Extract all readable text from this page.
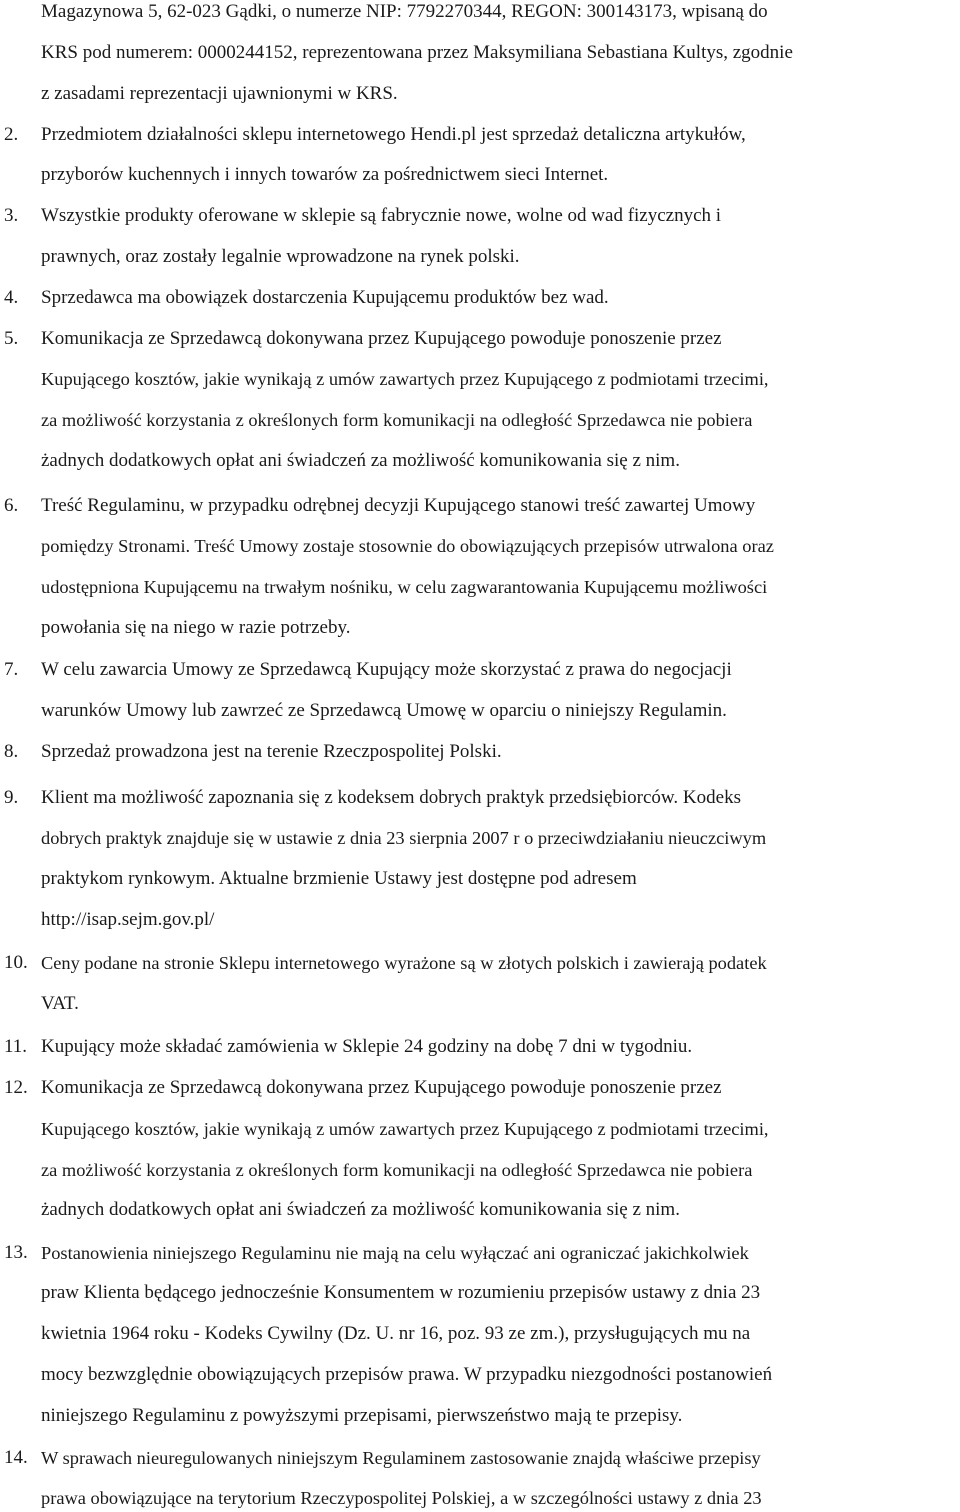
Magazynowa 5, 62-023 Gądki, o numerze NIP: 7792270344, REGON: 300143173, wpisaną do
KRS pod numerem: 0000244152, reprezentowana przez Maksymiliana Sebastiana Kultys, zgodnie
z zasadami reprezentacji ujawnionymi w KRS.
2. Przedmiotem działalności sklepu internetowego Hendi.pl jest sprzedaż detaliczna artykułów,
przyborów kuchennych i innych towarów za pośrednictwem sieci Internet.
3. Wszystkie produkty oferowane w sklepie są fabrycznie nowe, wolne od wad fizycznych i
prawnych, oraz zostały legalnie wprowadzone na rynek polski.
4. Sprzedawca ma obowiązek dostarczenia Kupującemu produktów bez wad.
5. Komunikacja ze Sprzedawcą dokonywana przez Kupującego powoduje ponoszenie przez
Kupującego kosztów, jakie wynikają z umów zawartych przez Kupującego z podmiotami trzecimi,
za możliwość korzystania z określonych form komunikacji na odległość Sprzedawca nie pobiera
żadnych dodatkowych opłat ani świadczeń za możliwość komunikowania się z nim.
6. Treść Regulaminu, w przypadku odrębnej decyzji Kupującego stanowi treść zawartej Umowy
pomiędzy Stronami. Treść Umowy zostaje stosownie do obowiązujących przepisów utrwalona oraz
udostępniona Kupującemu na trwałym nośniku, w celu zagwarantowania Kupującemu możliwości
powołania się na niego w razie potrzeby.
7. W celu zawarcia Umowy ze Sprzedawcą Kupujący może skorzystać z prawa do negocjacji
warunków Umowy lub zawrzeć ze Sprzedawcą Umowę w oparciu o niniejszy Regulamin.
8. Sprzedaż prowadzona jest na terenie Rzeczpospolitej Polski.
9. Klient ma możliwość zapoznania się z kodeksem dobrych praktyk przedsiębiorców. Kodeks
dobrych praktyk znajduje się w ustawie z dnia 23 sierpnia 2007 r o przeciwdziałaniu nieuczciwym
praktykom rynkowym. Aktualne brzmienie Ustawy jest dostępne pod adresem
http://isap.sejm.gov.pl/
10. Ceny podane na stronie Sklepu internetowego wyrażone są w złotych polskich i zawierają podatek
VAT.
11. Kupujący może składać zamówienia w Sklepie 24 godziny na dobę 7 dni w tygodniu.
12. Komunikacja ze Sprzedawcą dokonywana przez Kupującego powoduje ponoszenie przez
Kupującego kosztów, jakie wynikają z umów zawartych przez Kupującego z podmiotami trzecimi,
za możliwość korzystania z określonych form komunikacji na odległość Sprzedawca nie pobiera
żadnych dodatkowych opłat ani świadczeń za możliwość komunikowania się z nim.
13. Postanowienia niniejszego Regulaminu nie mają na celu wyłączać ani ograniczać jakichkolwiek
praw Klienta będącego jednocześnie Konsumentem w rozumieniu przepisów ustawy z dnia 23
kwietnia 1964 roku - Kodeks Cywilny (Dz. U. nr 16, poz. 93 ze zm.), przysługujących mu na
mocy bezwzględnie obowiązujących przepisów prawa. W przypadku niezgodności postanowień
niniejszego Regulaminu z powyższymi przepisami, pierwszeństwo mają te przepisy.
14. W sprawach nieuregulowanych niniejszym Regulaminem zastosowanie znajdą właściwe przepisy
prawa obowiązujące na terytorium Rzeczypospolitej Polskiej, a w szczególności ustawy z dnia 23
